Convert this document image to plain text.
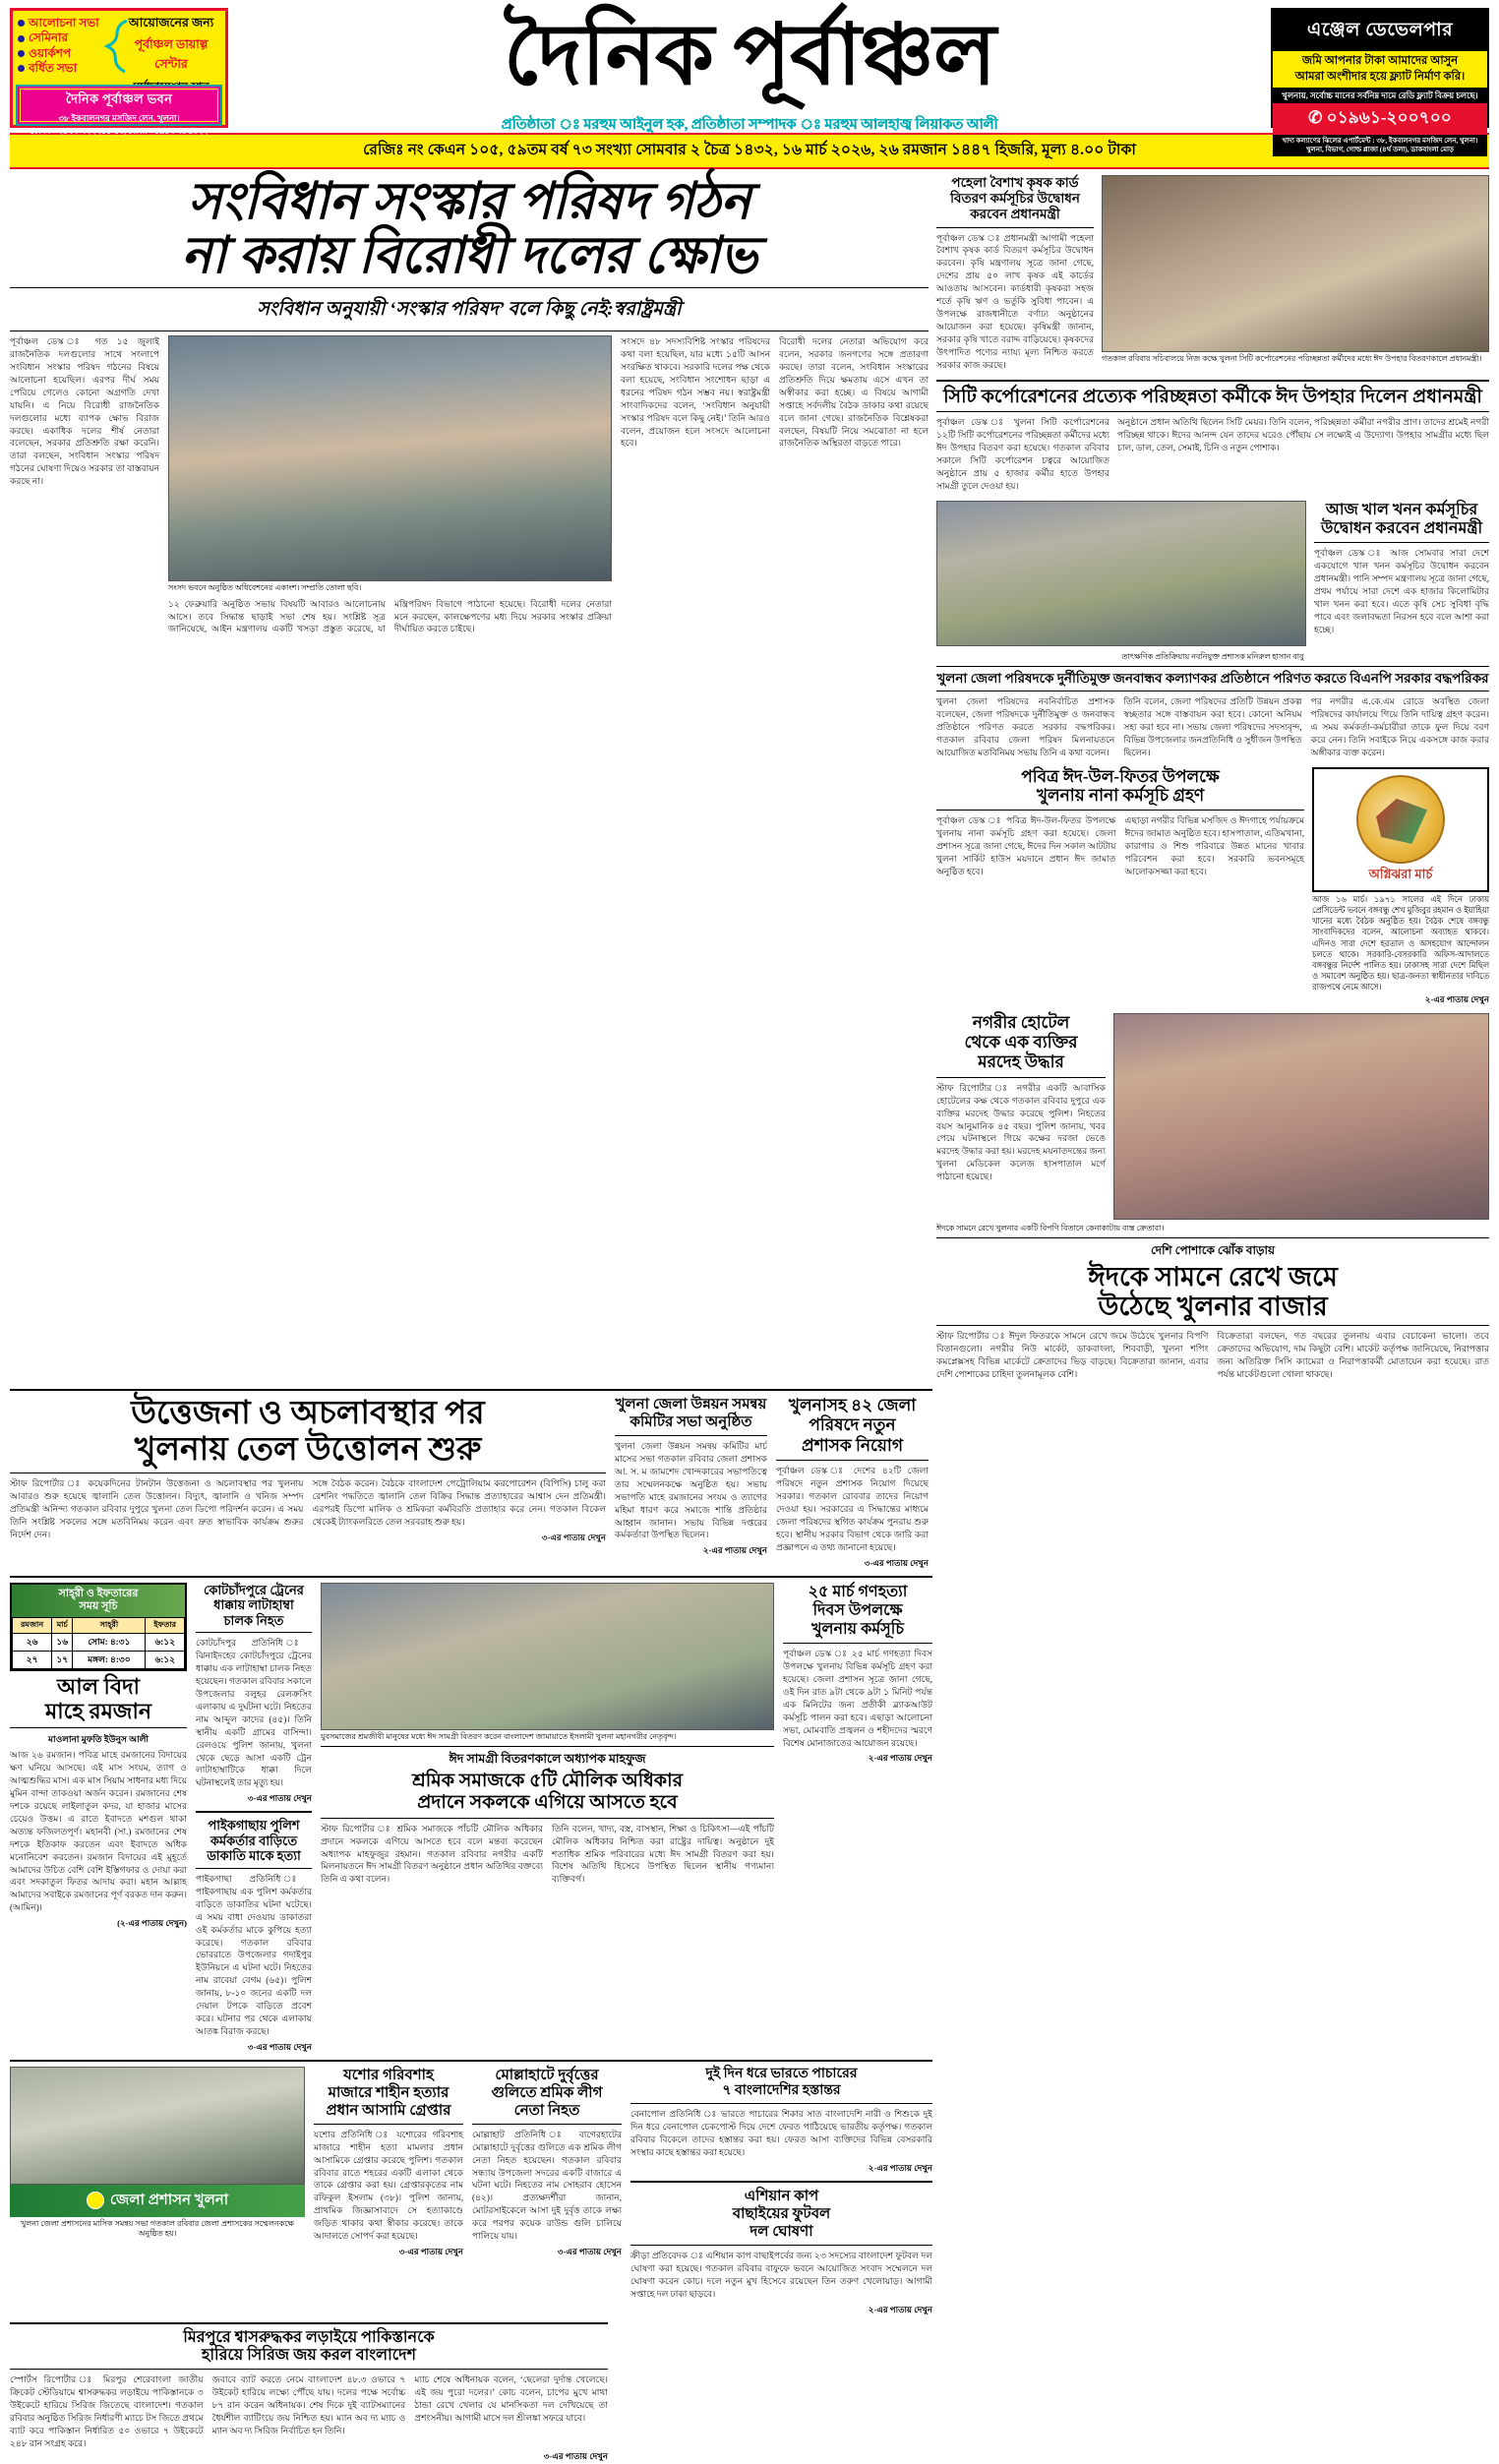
আলোচনা সভা
সেমিনার
ওয়ার্কশপ
বর্ধিত সভা
আয়োজনের জন্য
পূর্বাঞ্চল ডায়াল্গ সেন্টার
দৈনিক পূর্বাঞ্চল ভবন
৩৮ ইকবালনগর মসজিদ লেন, খুলনা।
ফোন : ০২৪৭৭-৭২২২৫১-৫৩, মোবা: ০১৯১৭-৩৮৬৩২২
দৈনিক পূর্বাঞ্চল
প্রতিষ্ঠাতা ঃ মরহুম আইনুল হক, প্রতিষ্ঠাতা সম্পাদক ঃ মরহুম আলহাজ্ব লিয়াকত আলী
এঞ্জেল ডেভেলপার
জমি আপনার টাকা আমাদের আসুন
আমরা অংশীদার হয়ে ফ্ল্যাট নির্মাণ করি।
খুলনায়, সর্বোচ্চ মানের সর্বনিম্ন দামে রেডি ফ্ল্যাট বিক্রয় চলছে।
✆ ০১৯৬১-২০০৭০০
খাদ্য কল্যাণের ঝিলের এপার্টমেন্ট : ৩৮, ইকবালনগর মসজিদ লেন, খুলনা। খুলনা, বিভাগ, গোল্ড প্লাজা (৪র্থ তলা), ডাকবাংলা মোড়
রেজিঃ নং কেএন ১০৫, ৫৯তম বর্ষ ৭৩ সংখ্যা সোমবার ২ চৈত্র ১৪৩২, ১৬ মার্চ ২০২৬, ২৬ রমজান ১৪৪৭ হিজরি, মূল্য ৪.০০ টাকা
সংবিধান সংস্কার পরিষদ গঠন
না করায় বিরোধী দলের ক্ষোভ
সংবিধান অনুযায়ী ‘সংস্কার পরিষদ’ বলে কিছু নেই:স্বরাষ্ট্রমন্ত্রী

পূর্বাঞ্চল ডেস্ক ঃ গত ১৫ জুলাই রাজনৈতিক দলগুলোর সাথে সংলাপে সংবিধান সংস্কার পরিষদ গঠনের বিষয়ে আলোচনা হয়েছিল। এরপর দীর্ঘ সময় পেরিয়ে গেলেও কোনো অগ্রগতি দেখা যায়নি। এ নিয়ে বিরোধী রাজনৈতিক দলগুলোর মধ্যে ব্যাপক ক্ষোভ বিরাজ করছে। একাধিক দলের শীর্ষ নেতারা বলেছেন, সরকার প্রতিশ্রুতি রক্ষা করেনি। তারা বলছেন, সংবিধান সংস্কার পরিষদ গঠনের ঘোষণা দিয়েও সরকার তা বাস্তবায়ন করছে না।

সংসদ ভবনে অনুষ্ঠিত অধিবেশনের একাংশ। সম্প্রতি তোলা ছবি।

১২ ফেব্রুয়ারি অনুষ্ঠিত সভায় বিষয়টি আবারও আলোচনায় আসে। তবে সিদ্ধান্ত ছাড়াই সভা শেষ হয়। সংশ্লিষ্ট সূত্র জানিয়েছে, আইন মন্ত্রণালয় একটি খসড়া প্রস্তুত করেছে, যা মন্ত্রিপরিষদ বিভাগে পাঠানো হয়েছে। বিরোধী দলের নেতারা মনে করছেন, কালক্ষেপণের মধ্য দিয়ে সরকার সংস্কার প্রক্রিয়া দীর্ঘায়িত করতে চাইছে।

সংসদে ৪৮ সদস্যবিশিষ্ট সংস্কার পরিষদের কথা বলা হয়েছিল, যার মধ্যে ১৫টি আসন সংরক্ষিত থাকবে। সরকারি দলের পক্ষ থেকে বলা হয়েছে, সংবিধান সংশোধন ছাড়া এ ধরনের পরিষদ গঠন সম্ভব নয়। স্বরাষ্ট্রমন্ত্রী সাংবাদিকদের বলেন, ‘সংবিধান অনুযায়ী সংস্কার পরিষদ বলে কিছু নেই।’ তিনি আরও বলেন, প্রয়োজন হলে সংসদে আলোচনা হবে।

বিরোধী দলের নেতারা অভিযোগ করে বলেন, সরকার জনগণের সঙ্গে প্রতারণা করছে। তারা বলেন, সংবিধান সংস্কারের প্রতিশ্রুতি দিয়ে ক্ষমতায় এসে এখন তা অস্বীকার করা হচ্ছে। এ বিষয়ে আগামী সপ্তাহে সর্বদলীয় বৈঠক ডাকার কথা রয়েছে বলে জানা গেছে। রাজনৈতিক বিশ্লেষকরা বলছেন, বিষয়টি নিয়ে সমঝোতা না হলে রাজনৈতিক অস্থিরতা বাড়তে পারে।

পহেলা বৈশাখ কৃষক কার্ড বিতরণ কর্মসূচির উদ্বোধন করবেন প্রধানমন্ত্রী

পূর্বাঞ্চল ডেস্ক ঃ প্রধানমন্ত্রী আগামী পহেলা বৈশাখ কৃষক কার্ড বিতরণ কর্মসূচির উদ্বোধন করবেন। কৃষি মন্ত্রণালয় সূত্রে জানা গেছে, দেশের প্রায় ৫০ লাখ কৃষক এই কার্ডের আওতায় আসবেন। কার্ডধারী কৃষকরা সহজ শর্তে কৃষি ঋণ ও ভর্তুকি সুবিধা পাবেন। এ উপলক্ষে রাজধানীতে বর্ণাঢ্য অনুষ্ঠানের আয়োজন করা হয়েছে। কৃষিমন্ত্রী জানান, সরকার কৃষি খাতে বরাদ্দ বাড়িয়েছে। কৃষকদের উৎপাদিত পণ্যের ন্যায্য মূল্য নিশ্চিত করতে সরকার কাজ করছে।

গতকাল রবিবার সচিবালয়ে নিজ কক্ষে খুলনা সিটি কর্পোরেশনের পরিচ্ছন্নতা কর্মীদের মধ্যে ঈদ উপহার বিতরণকালে প্রধানমন্ত্রী।
সিটি কর্পোরেশনের প্রত্যেক পরিচ্ছন্নতা কর্মীকে ঈদ উপহার দিলেন প্রধানমন্ত্রী

পূর্বাঞ্চল ডেস্ক ঃ খুলনা সিটি কর্পোরেশনের ১২টি সিটি কর্পোরেশনের পরিচ্ছন্নতা কর্মীদের মধ্যে ঈদ উপহার বিতরণ করা হয়েছে। গতকাল রবিবার সকালে সিটি কর্পোরেশন চত্বরে আয়োজিত অনুষ্ঠানে প্রায় ৫ হাজার কর্মীর হাতে উপহার সামগ্রী তুলে দেওয়া হয়।

অনুষ্ঠানে প্রধান অতিথি ছিলেন সিটি মেয়র। তিনি বলেন, পরিচ্ছন্নতা কর্মীরা নগরীর প্রাণ। তাদের শ্রমেই নগরী পরিচ্ছন্ন থাকে। ঈদের আনন্দ যেন তাদের ঘরেও পৌঁছায় সে লক্ষ্যেই এ উদ্যোগ। উপহার সামগ্রীর মধ্যে ছিল চাল, ডাল, তেল, সেমাই, চিনি ও নতুন পোশাক।

আজ খাল খনন কর্মসূচির
উদ্বোধন করবেন প্রধানমন্ত্রী

পূর্বাঞ্চল ডেস্ক ঃ আজ সোমবার সারা দেশে একযোগে খাল খনন কর্মসূচির উদ্বোধন করবেন প্রধানমন্ত্রী। পানি সম্পদ মন্ত্রণালয় সূত্রে জানা গেছে, প্রথম পর্যায়ে সারা দেশে এক হাজার কিলোমিটার খাল খনন করা হবে। এতে কৃষি সেচ সুবিধা বৃদ্ধি পাবে এবং জলাবদ্ধতা নিরসন হবে বলে আশা করা হচ্ছে।

তাৎক্ষণিক প্রতিক্রিয়ায় নবনিযুক্ত প্রশাসক মনিরুল হাসান বাবু
খুলনা জেলা পরিষদকে দুর্নীতিমুক্ত জনবান্ধব কল্যাণকর প্রতিষ্ঠানে পরিণত করতে বিএনপি সরকার বদ্ধপরিকর

খুলনা জেলা পরিষদের নবনির্বাচিত প্রশাসক বলেছেন, জেলা পরিষদকে দুর্নীতিমুক্ত ও জনবান্ধব প্রতিষ্ঠানে পরিণত করতে সরকার বদ্ধপরিকর। গতকাল রবিবার জেলা পরিষদ মিলনায়তনে আয়োজিত মতবিনিময় সভায় তিনি এ কথা বলেন।

তিনি বলেন, জেলা পরিষদের প্রতিটি উন্নয়ন প্রকল্প স্বচ্ছতার সঙ্গে বাস্তবায়ন করা হবে। কোনো অনিয়ম সহ্য করা হবে না। সভায় জেলা পরিষদের সদস্যবৃন্দ, বিভিন্ন উপজেলার জনপ্রতিনিধি ও সুধীজন উপস্থিত ছিলেন।

পর নগরীর এ.কে.এম রোডে অবস্থিত জেলা পরিষদের কার্যালয়ে গিয়ে তিনি দায়িত্ব গ্রহণ করেন। এ সময় কর্মকর্তা-কর্মচারীরা তাকে ফুল দিয়ে বরণ করে নেন। তিনি সবাইকে নিয়ে একসঙ্গে কাজ করার অঙ্গীকার ব্যক্ত করেন।

পবিত্র ঈদ-উল-ফিতর উপলক্ষে
খুলনায় নানা কর্মসূচি গ্রহণ

পূর্বাঞ্চল ডেস্ক ঃ পবিত্র ঈদ-উল-ফিতর উপলক্ষে খুলনায় নানা কর্মসূচি গ্রহণ করা হয়েছে। জেলা প্রশাসন সূত্রে জানা গেছে, ঈদের দিন সকাল আটটায় খুলনা সার্কিট হাউস ময়দানে প্রধান ঈদ জামাত অনুষ্ঠিত হবে।

এছাড়া নগরীর বিভিন্ন মসজিদ ও ঈদগাহে পর্যায়ক্রমে ঈদের জামাত অনুষ্ঠিত হবে। হাসপাতাল, এতিমখানা, কারাগার ও শিশু পরিবারে উন্নত মানের খাবার পরিবেশন করা হবে। সরকারি ভবনসমূহে আলোকসজ্জা করা হবে।	অগ্নিঝরা মার্চ
আজ ১৬ মার্চ। ১৯৭১ সালের এই দিনে ঢাকায় প্রেসিডেন্ট ভবনে বঙ্গবন্ধু শেখ মুজিবুর রহমান ও ইয়াহিয়া খানের মধ্যে বৈঠক অনুষ্ঠিত হয়। বৈঠক শেষে বঙ্গবন্ধু সাংবাদিকদের বলেন, আলোচনা অব্যাহত থাকবে। এদিনও সারা দেশে হরতাল ও অসহযোগ আন্দোলন চলতে থাকে। সরকারি-বেসরকারি অফিস-আদালতে বঙ্গবন্ধুর নির্দেশ পালিত হয়। ঢাকাসহ সারা দেশে মিছিল ও সমাবেশ অনুষ্ঠিত হয়। ছাত্র-জনতা স্বাধীনতার দাবিতে রাজপথে নেমে আসে।
২-এর পাতায় দেখুন
নগরীর হোটেল
থেকে এক ব্যক্তির
মরদেহ উদ্ধার

স্টাফ রিপোর্টার ঃ নগরীর একটি আবাসিক হোটেলের কক্ষ থেকে গতকাল রবিবার দুপুরে এক ব্যক্তির মরদেহ উদ্ধার করেছে পুলিশ। নিহতের বয়স আনুমানিক ৪৫ বছর। পুলিশ জানায়, খবর পেয়ে ঘটনাস্থলে গিয়ে কক্ষের দরজা ভেঙে মরদেহ উদ্ধার করা হয়। মরদেহ ময়নাতদন্তের জন্য খুলনা মেডিকেল কলেজ হাসপাতাল মর্গে পাঠানো হয়েছে।

ঈদকে সামনে রেখে খুলনার একটি বিপণি বিতানে কেনাকাটায় ব্যস্ত ক্রেতারা।
দেশি পোশাকে ঝোঁক বাড়ায়
ঈদকে সামনে রেখে জমে
উঠেছে খুলনার বাজার

স্টাফ রিপোর্টার ঃ ঈদুল ফিতরকে সামনে রেখে জমে উঠেছে খুলনার বিপণি বিতানগুলো। নগরীর নিউ মার্কেট, ডাকবাংলা, শিববাড়ী, খুলনা শপিং কমপ্লেক্সসহ বিভিন্ন মার্কেটে ক্রেতাদের ভিড় বাড়ছে। বিক্রেতারা জানান, এবার দেশি পোশাকের চাহিদা তুলনামূলক বেশি।

বিক্রেতারা বলছেন, গত বছরের তুলনায় এবার বেচাকেনা ভালো। তবে ক্রেতাদের অভিযোগ, দাম কিছুটা বেশি। মার্কেট কর্তৃপক্ষ জানিয়েছে, নিরাপত্তার জন্য অতিরিক্ত সিসি ক্যামেরা ও নিরাপত্তাকর্মী মোতায়েন করা হয়েছে। রাত পর্যন্ত মার্কেটগুলো খোলা থাকছে।

উত্তেজনা ও অচলাবস্থার পর
খুলনায় তেল উত্তোলন শুরু

স্টাফ রিপোর্টার ঃ কয়েকদিনের টানটান উত্তেজনা ও অচলাবস্থার পর খুলনায় আবারও শুরু হয়েছে জ্বালানি তেল উত্তোলন। বিদ্যুৎ, জ্বালানি ও খনিজ সম্পদ প্রতিমন্ত্রী অনিন্দ্য গতকাল রবিবার দুপুরে খুলনা তেল ডিপো পরিদর্শন করেন। এ সময় তিনি সংশ্লিষ্ট সকলের সঙ্গে মতবিনিময় করেন এবং দ্রুত স্বাভাবিক কার্যক্রম শুরুর নির্দেশ দেন।

সঙ্গে বৈঠক করেন। বৈঠকে বাংলাদেশ পেট্রোলিয়াম করপোরেশন (বিপিসি) চালু করা রেশনিং পদ্ধতিতে জ্বালানি তেল বিক্রির সিদ্ধান্ত প্রত্যাহারের আশ্বাস দেন প্রতিমন্ত্রী। এরপরই ডিপো মালিক ও শ্রমিকরা কর্মবিরতি প্রত্যাহার করে নেন। গতকাল বিকেল থেকেই ট্যাংকলরিতে তেল সরবরাহ শুরু হয়।

৩-এর পাতায় দেখুন
খুলনা জেলা উন্নয়ন সমন্বয়
কমিটির সভা অনুষ্ঠিত

খুলনা জেলা উন্নয়ন সমন্বয় কমিটির মার্চ মাসের সভা গতকাল রবিবার জেলা প্রশাসক আ. স. ম জামশেদ খোন্দকারের সভাপতিত্বে তার সম্মেলনকক্ষে অনুষ্ঠিত হয়। সভায় সভাপতি মাহে রমজানের সংযম ও ত্যাগের মহিমা ধারণ করে সমাজে শান্তি প্রতিষ্ঠার আহ্বান জানান। সভায় বিভিন্ন দপ্তরের কর্মকর্তারা উপস্থিত ছিলেন।

২-এর পাতায় দেখুন
খুলনাসহ ৪২ জেলা
পরিষদে নতুন
প্রশাসক নিয়োগ

পূর্বাঞ্চল ডেস্ক ঃ দেশের ৪২টি জেলা পরিষদে নতুন প্রশাসক নিয়োগ দিয়েছে সরকার। গতকাল রোববার তাদের নিয়োগ দেওয়া হয়। সরকারের এ সিদ্ধান্তের মাধ্যমে জেলা পরিষদের স্থগিত কার্যক্রম পুনরায় শুরু হবে। স্থানীয় সরকার বিভাগ থেকে জারি করা প্রজ্ঞাপনে এ তথ্য জানানো হয়েছে।

৩-এর পাতায় দেখুন
সাহ্‌রী ও ইফতারের
সময় সূচি
রমজান	মার্চ	সাহ্‌রী	ইফতার
২৬	১৬	সোম: ৪:৩১	৬:১২
২৭	১৭	মঙ্গল: ৪:৩০	৬:১২
আল বিদা
মাহে রমজান
মাওলানা মুফতি ইউনুস আলী

আজ ২৬ রমজান। পবিত্র মাহে রমজানের বিদায়ের ক্ষণ ঘনিয়ে আসছে। এই মাস সংযম, ত্যাগ ও আত্মশুদ্ধির মাস। এক মাস সিয়াম সাধনার মধ্য দিয়ে মুমিন বান্দা তাকওয়া অর্জন করেন। রমজানের শেষ দশকে রয়েছে লাইলাতুল কদর, যা হাজার মাসের চেয়েও উত্তম। এ রাতে ইবাদতে মশগুল থাকা অত্যন্ত ফজিলতপূর্ণ। মহানবী (সা.) রমজানের শেষ দশকে ইতিকাফ করতেন এবং ইবাদতে অধিক মনোনিবেশ করতেন। রমজান বিদায়ের এই মুহূর্তে আমাদের উচিত বেশি বেশি ইস্তিগফার ও দোয়া করা এবং সদকাতুল ফিতর আদায় করা। মহান আল্লাহ আমাদের সবাইকে রমজানের পূর্ণ বরকত দান করুন। (আমিন)।

(২-এর পাতায় দেখুন)
কোটচাঁদপুরে ট্রেনের
ধাক্কায় লাটাহাম্বা
চালক নিহত

কোটচাঁদপুর প্রতিনিধি ঃ ঝিনাইদহের কোটচাঁদপুরে ট্রেনের ধাক্কায় এক লাটাহাম্বা চালক নিহত হয়েছেন। গতকাল রবিবার সকালে উপজেলার বলুহর রেলক্রসিং এলাকায় এ দুর্ঘটনা ঘটে। নিহতের নাম আব্দুল কাদের (৪৫)। তিনি স্থানীয় একটি গ্রামের বাসিন্দা। রেলওয়ে পুলিশ জানায়, খুলনা থেকে ছেড়ে আসা একটি ট্রেন লাটাহাম্বাটিকে ধাক্কা দিলে ঘটনাস্থলেই তার মৃত্যু হয়।

৩-এর পাতায় দেখুন
পাইকগাছায় পুলিশ
কর্মকর্তার বাড়িতে
ডাকাতি মাকে হত্যা

পাইকগাছা প্রতিনিধি ঃ পাইকগাছায় এক পুলিশ কর্মকর্তার বাড়িতে ডাকাতির ঘটনা ঘটেছে। এ সময় বাধা দেওয়ায় ডাকাতরা ওই কর্মকর্তার মাকে কুপিয়ে হত্যা করেছে। গতকাল রবিবার ভোররাতে উপজেলার গদাইপুর ইউনিয়নে এ ঘটনা ঘটে। নিহতের নাম রাবেয়া বেগম (৬৫)। পুলিশ জানায়, ৮-১০ জনের একটি দল দেয়াল টপকে বাড়িতে প্রবেশ করে। ঘটনার পর থেকে এলাকায় আতঙ্ক বিরাজ করছে।

৩-এর পাতায় দেখুন
যুবসমাজের শ্রমজীবী মানুষের মধ্যে ঈদ সামগ্রী বিতরণ করেন বাংলাদেশ জামায়াতে ইসলামী খুলনা মহানগরীর নেতৃবৃন্দ।
ঈদ সামগ্রী বিতরণকালে অধ্যাপক মাহফুজ
শ্রমিক সমাজকে ৫টি মৌলিক অধিকার
প্রদানে সকলকে এগিয়ে আসতে হবে

স্টাফ রিপোর্টার ঃ শ্রমিক সমাজকে পাঁচটি মৌলিক অধিকার প্রদানে সকলকে এগিয়ে আসতে হবে বলে মন্তব্য করেছেন অধ্যাপক মাহফুজুর রহমান। গতকাল রবিবার নগরীর একটি মিলনায়তনে ঈদ সামগ্রী বিতরণ অনুষ্ঠানে প্রধান অতিথির বক্তব্যে তিনি এ কথা বলেন।

তিনি বলেন, খাদ্য, বস্ত্র, বাসস্থান, শিক্ষা ও চিকিৎসা—এই পাঁচটি মৌলিক অধিকার নিশ্চিত করা রাষ্ট্রের দায়িত্ব। অনুষ্ঠানে দুই শতাধিক শ্রমিক পরিবারের মধ্যে ঈদ সামগ্রী বিতরণ করা হয়। বিশেষ অতিথি হিসেবে উপস্থিত ছিলেন স্থানীয় গণ্যমান্য ব্যক্তিবর্গ।

২৫ মার্চ গণহত্যা
দিবস উপলক্ষে
খুলনায় কর্মসূচি

পূর্বাঞ্চল ডেস্ক ঃ ২৫ মার্চ গণহত্যা দিবস উপলক্ষে খুলনায় বিভিন্ন কর্মসূচি গ্রহণ করা হয়েছে। জেলা প্রশাসন সূত্রে জানা গেছে, ওই দিন রাত ৯টা থেকে ৯টা ১ মিনিট পর্যন্ত এক মিনিটের জন্য প্রতীকী ব্ল্যাকআউট কর্মসূচি পালন করা হবে। এছাড়া আলোচনা সভা, মোমবাতি প্রজ্বলন ও শহীদদের স্মরণে বিশেষ মোনাজাতের আয়োজন রয়েছে।

২-এর পাতায় দেখুন
জেলা প্রশাসন খুলনা
খুলনা জেলা প্রশাসনের মাসিক সমন্বয় সভা গতকাল রবিবার জেলা প্রশাসকের সম্মেলনকক্ষে অনুষ্ঠিত হয়।
যশোর গরিবশাহ
মাজারে শাহীন হত্যার
প্রধান আসামি গ্রেপ্তার

যশোর প্রতিনিধি ঃ যশোরের গরিবশাহ মাজারে শাহীন হত্যা মামলার প্রধান আসামিকে গ্রেপ্তার করেছে পুলিশ। গতকাল রবিবার রাতে শহরের একটি এলাকা থেকে তাকে গ্রেপ্তার করা হয়। গ্রেপ্তারকৃতের নাম রফিকুল ইসলাম (৩৮)। পুলিশ জানায়, প্রাথমিক জিজ্ঞাসাবাদে সে হত্যাকাণ্ডে জড়িত থাকার কথা স্বীকার করেছে। তাকে আদালতে সোপর্দ করা হয়েছে।

৩-এর পাতায় দেখুন
মোল্লাহাটে দুর্বৃত্তের
গুলিতে শ্রমিক লীগ
নেতা নিহত

মোল্লাহাট প্রতিনিধি ঃ বাগেরহাটের মোল্লাহাটে দুর্বৃত্তের গুলিতে এক শ্রমিক লীগ নেতা নিহত হয়েছেন। গতকাল রবিবার সন্ধ্যায় উপজেলা সদরের একটি বাজারে এ ঘটনা ঘটে। নিহতের নাম সোহরাব হোসেন (৪২)। প্রত্যক্ষদর্শীরা জানান, মোটরসাইকেলে আসা দুই দুর্বৃত্ত তাকে লক্ষ্য করে পরপর কয়েক রাউন্ড গুলি চালিয়ে পালিয়ে যায়।

৩-এর পাতায় দেখুন
দুই দিন ধরে ভারতে পাচারের
৭ বাংলাদেশির হস্তান্তর

বেনাপোল প্রতিনিধি ঃ ভারতে পাচারের শিকার সাত বাংলাদেশি নারী ও শিশুকে দুই দিন ধরে বেনাপোল চেকপোস্ট দিয়ে দেশে ফেরত পাঠিয়েছে ভারতীয় কর্তৃপক্ষ। গতকাল রবিবার বিকেলে তাদের হস্তান্তর করা হয়। ফেরত আসা ব্যক্তিদের বিভিন্ন বেসরকারি সংস্থার কাছে হস্তান্তর করা হয়েছে।

২-এর পাতায় দেখুন
এশিয়ান কাপ
বাছাইয়ের ফুটবল
দল ঘোষণা

ক্রীড়া প্রতিবেদক ঃ এশিয়ান কাপ বাছাইপর্বের জন্য ২৩ সদস্যের বাংলাদেশ ফুটবল দল ঘোষণা করা হয়েছে। গতকাল রবিবার বাফুফে ভবনে আয়োজিত সংবাদ সম্মেলনে দল ঘোষণা করেন কোচ। দলে নতুন মুখ হিসেবে রয়েছেন তিন তরুণ খেলোয়াড়। আগামী সপ্তাহে দল ঢাকা ছাড়বে।

২-এর পাতায় দেখুন
মিরপুরে শ্বাসরুদ্ধকর লড়াইয়ে পাকিস্তানকে
হারিয়ে সিরিজ জয় করল বাংলাদেশ

স্পোর্টস রিপোর্টার ঃ মিরপুর শেরেবাংলা জাতীয় ক্রিকেট স্টেডিয়ামে শ্বাসরুদ্ধকর লড়াইয়ে পাকিস্তানকে ৩ উইকেটে হারিয়ে সিরিজ জিতেছে বাংলাদেশ। গতকাল রবিবার অনুষ্ঠিত সিরিজ নির্ধারণী ম্যাচে টস জিতে প্রথমে ব্যাট করে পাকিস্তান নির্ধারিত ৫০ ওভারে ৭ উইকেটে ২৪৮ রান সংগ্রহ করে।

জবাবে ব্যাট করতে নেমে বাংলাদেশ ৪৮.৩ ওভারে ৭ উইকেট হারিয়ে লক্ষ্যে পৌঁছে যায়। দলের পক্ষে সর্বোচ্চ ৮৭ রান করেন অধিনায়ক। শেষ দিকে দুই ব্যাটসম্যানের ধৈর্যশীল ব্যাটিংয়ে জয় নিশ্চিত হয়। ম্যান অব দ্য ম্যাচ ও ম্যান অব দ্য সিরিজ নির্বাচিত হন তিনি।

ম্যাচ শেষে অধিনায়ক বলেন, ‘ছেলেরা দুর্দান্ত খেলেছে। এই জয় পুরো দলের।’ কোচ বলেন, চাপের মুখে মাথা ঠান্ডা রেখে খেলার যে মানসিকতা দল দেখিয়েছে তা প্রশংসনীয়। আগামী মাসে দল শ্রীলঙ্কা সফরে যাবে।

৩-এর পাতায় দেখুন
